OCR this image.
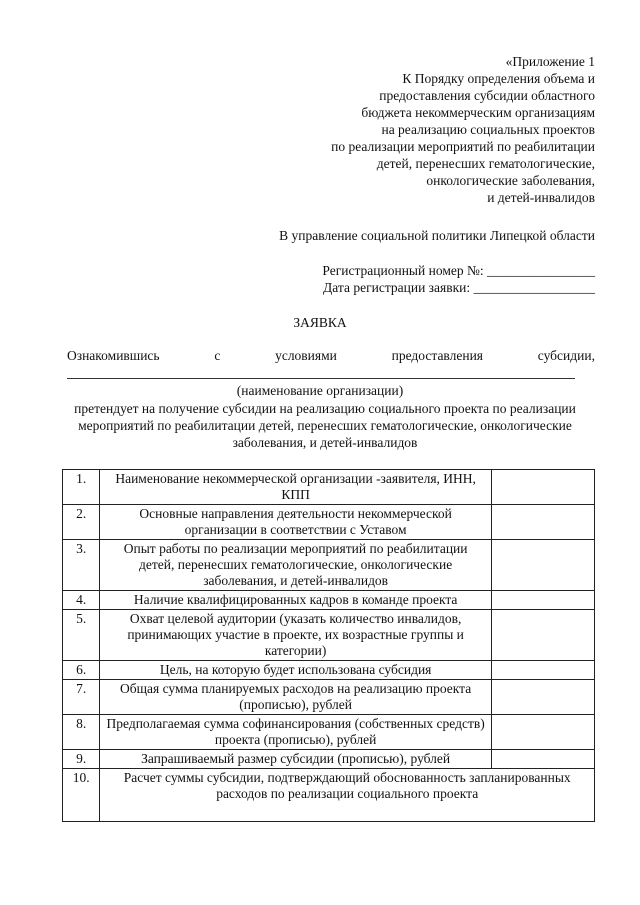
«Приложение 1
К Порядку определения объема и
предоставления субсидии областного
бюджета некоммерческим организациям
на реализацию социальных проектов
по реализации мероприятий по реабилитации
детей, перенесших гематологические,
онкологические заболевания,
и детей-инвалидов
В управление социальной политики Липецкой области
Регистрационный номер №: ________________
Дата регистрации заявки: __________________
ЗАЯВКА
Ознакомившись	с	условиями	предоставления	субсидии,
(наименование организации)
претендует на получение субсидии на реализацию социального проекта по реализации мероприятий по реабилитации детей, перенесших гематологические, онкологические заболевания, и детей-инвалидов
1.	Наименование некоммерческой организации -заявителя, ИНН, КПП	
2.	Основные направления деятельности некоммерческой организации в соответствии с Уставом	
3.	Опыт работы по реализации мероприятий по реабилитации детей, перенесших гематологические, онкологические заболевания, и детей-инвалидов	
4.	Наличие квалифицированных кадров в команде проекта	
5.	Охват целевой аудитории (указать количество инвалидов, принимающих участие в проекте, их возрастные группы и категории)	
6.	Цель, на которую будет использована субсидия	
7.	Общая сумма планируемых расходов на реализацию проекта (прописью), рублей	
8.	Предполагаемая сумма софинансирования (собственных средств) проекта (прописью), рублей	
9.	Запрашиваемый размер субсидии (прописью), рублей	
10.	Расчет суммы субсидии, подтверждающий обоснованность запланированных расходов по реализации социального проекта	
